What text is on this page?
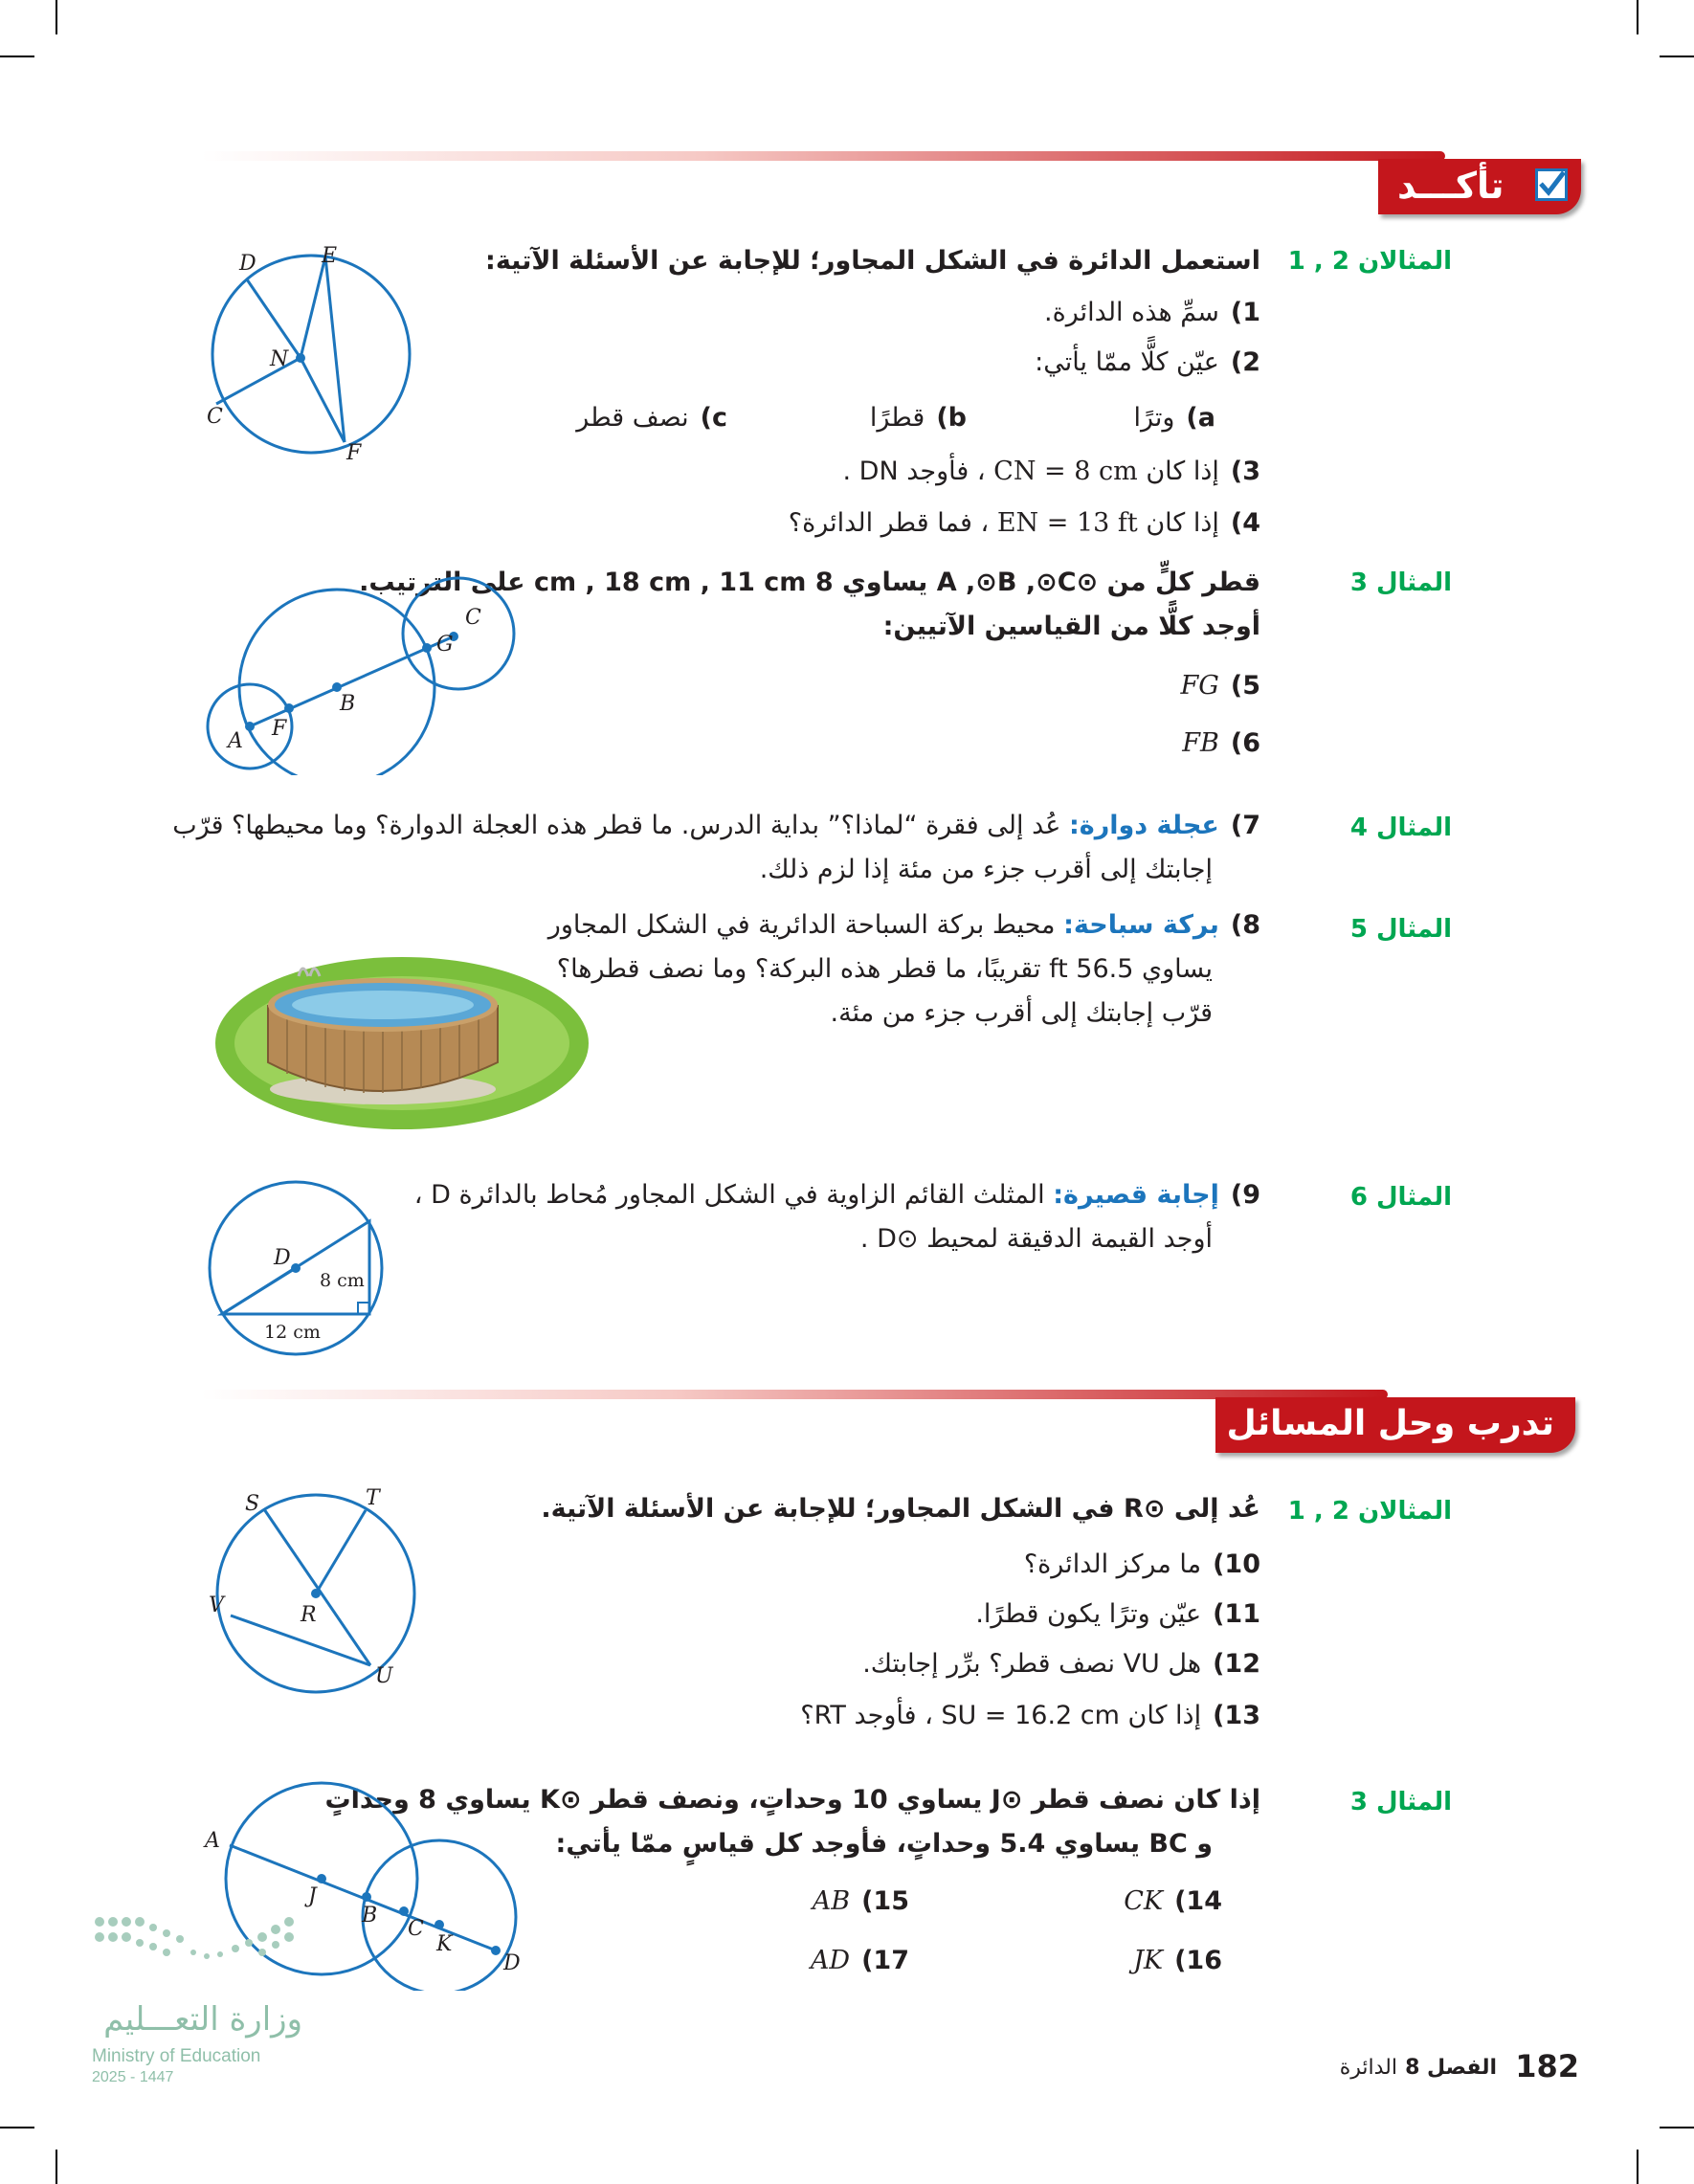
تأكـــد
المثالان 2 , 1
استعمل الدائرة في الشكل المجاور؛ للإجابة عن الأسئلة الآتية:
1)سمِّ هذه الدائرة.
2)عيّن كلًّا ممّا يأتي:
a)وترًا
b)قطرًا
c)نصف قطر
3)إذا كان CN = 8 cm ، فأوجد DN .
4)إذا كان EN = 13 ft ، فما قطر الدائرة؟
D	E
N
C
F
المثال 3
قطر كلٍّ من ⊙A ,⊙B ,⊙C يساوي 8 cm , 18 cm , 11 cm على الترتيب.
أوجد كلًّا من القياسين الآتيين:
5)FG
6)FB
C
G
B
F
A
المثال 4
7)عجلة دوارة: عُد إلى فقرة “لماذا؟” بداية الدرس. ما قطر هذه العجلة الدوارة؟ وما محيطها؟ قرّب
إجابتك إلى أقرب جزء من مئة إذا لزم ذلك.
المثال 5
8)بركة سباحة: محيط بركة السباحة الدائرية في الشكل المجاور
يساوي 56.5 ft تقريبًا، ما قطر هذه البركة؟ وما نصف قطرها؟
قرّب إجابتك إلى أقرب جزء من مئة.
المثال 6
9)إجابة قصيرة: المثلث القائم الزاوية في الشكل المجاور مُحاط بالدائرة D ،
أوجد القيمة الدقيقة لمحيط ⊙D .
D
8 cm
12 cm
تدرب وحل المسائل
المثالان 2 , 1
عُد إلى ⊙R في الشكل المجاور؛ للإجابة عن الأسئلة الآتية.
10)ما مركز الدائرة؟
11)عيّن وترًا يكون قطرًا.
12)هل VU نصف قطر؟ برِّر إجابتك.
13)إذا كان SU = 16.2 cm ، فأوجد RT؟
S	T
V	R
U
المثال 3
إذا كان نصف قطر ⊙J يساوي 10 وحداتٍ، ونصف قطر ⊙K يساوي 8 وحداتٍ
و BC يساوي 5.4 وحداتٍ، فأوجد كل قياسٍ ممّا يأتي:
14)CK
15)AB
16)JK
17)AD
A
J
B
C
K
D
وزارة التعـــليم
Ministry of Education
2025 - 1447	182
الفصل 8
الدائرة
